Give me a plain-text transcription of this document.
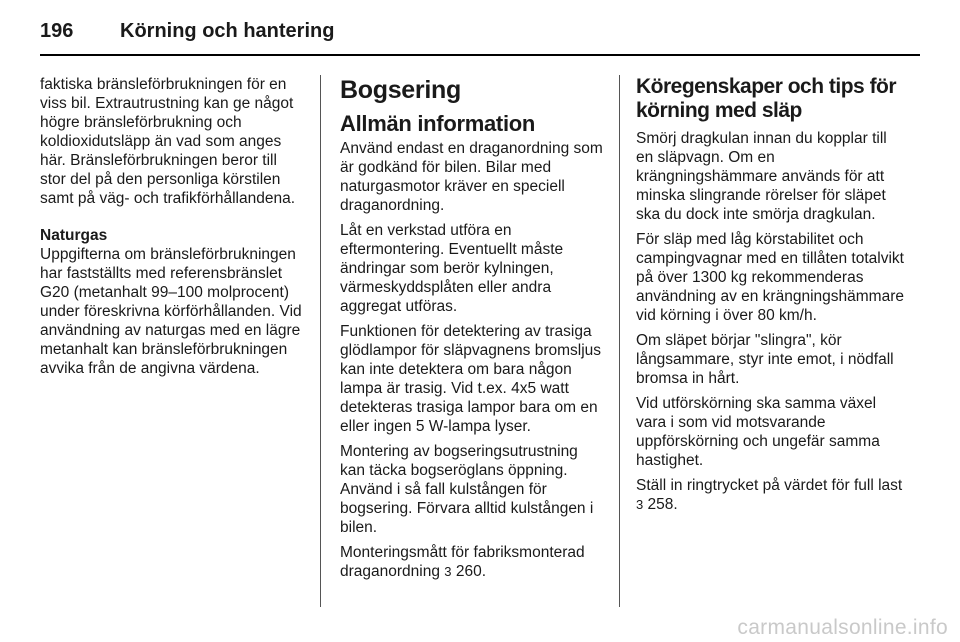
196	Körning och hantering

faktiska bränsleförbrukningen för en viss bil. Extrautrustning kan ge något högre bränsleförbrukning och koldioxidutsläpp än vad som anges här. Bränsleförbrukningen beror till stor del på den personliga körstilen samt på väg- och trafikförhållandena.

Naturgas

Uppgifterna om bränsleförbrukningen har fastställts med referensbränslet G20 (metanhalt 99–100 molprocent) under föreskrivna körförhållanden. Vid användning av naturgas med en lägre metanhalt kan bränsleförbrukningen avvika från de angivna värdena.

Bogsering
Allmän information

Använd endast en draganordning som är godkänd för bilen. Bilar med naturgasmotor kräver en speciell draganordning.

Låt en verkstad utföra en eftermontering. Eventuellt måste ändringar som berör kylningen, värmeskyddsplåten eller andra aggregat utföras.

Funktionen för detektering av trasiga glödlampor för släpvagnens bromsljus kan inte detektera om bara någon lampa är trasig. Vid t.ex. 4x5 watt detekteras trasiga lampor bara om en eller ingen 5 W-lampa lyser.

Montering av bogseringsutrustning kan täcka bogseröglans öppning. Använd i så fall kulstången för bogsering. Förvara alltid kulstången i bilen.

Monteringsmått för fabriksmonterad draganordning 3 260.

Köregenskaper och tips för körning med släp

Smörj dragkulan innan du kopplar till en släpvagn. Om en krängningshämmare används för att minska slingrande rörelser för släpet ska du dock inte smörja dragkulan.

För släp med låg körstabilitet och campingvagnar med en tillåten totalvikt på över 1300 kg rekommenderas användning av en krängningshämmare vid körning i över 80 km/h.

Om släpet börjar "slingra", kör långsammare, styr inte emot, i nödfall bromsa in hårt.

Vid utförskörning ska samma växel vara i som vid motsvarande uppförskörning och ungefär samma hastighet.

Ställ in ringtrycket på värdet för full last 3 258.

carmanualsonline.info
